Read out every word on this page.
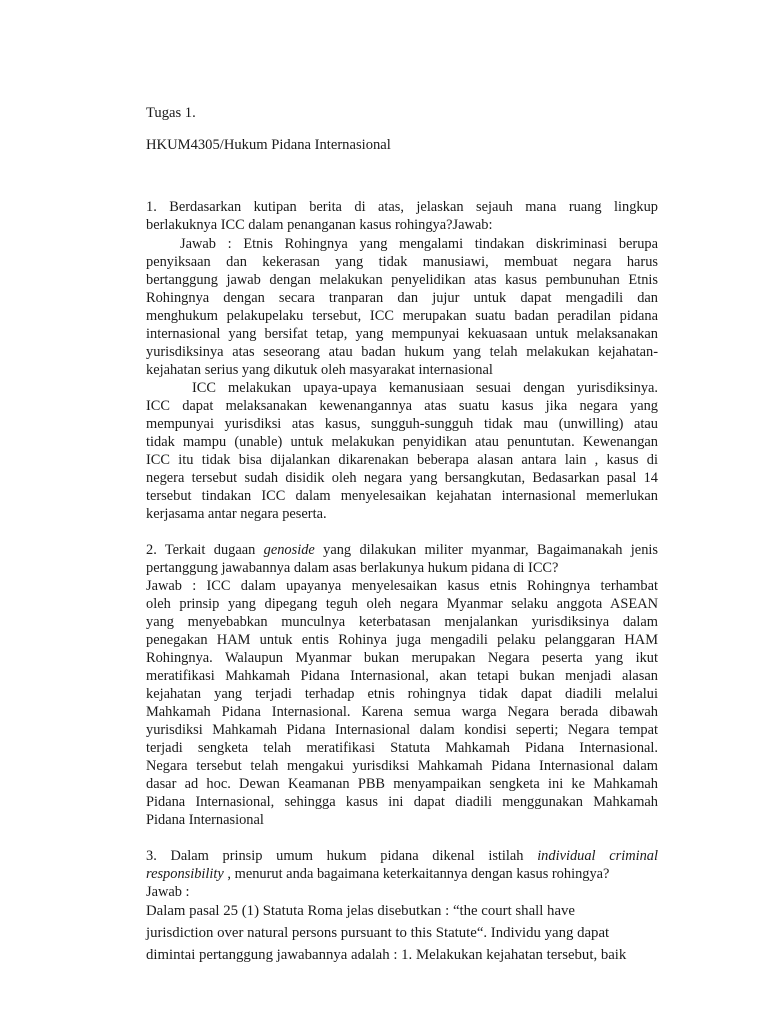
Tugas 1.
HKUM4305/Hukum Pidana Internasional
1. Berdasarkan kutipan berita di atas, jelaskan sejauh mana ruang lingkup
berlakuknya ICC dalam penanganan kasus rohingya?Jawab:
Jawab : Etnis Rohingnya yang mengalami tindakan diskriminasi berupa
penyiksaan dan kekerasan yang tidak manusiawi, membuat negara harus
bertanggung jawab dengan melakukan penyelidikan atas kasus pembunuhan Etnis
Rohingnya dengan secara tranparan dan jujur untuk dapat mengadili dan
menghukum pelakupelaku tersebut, ICC merupakan suatu badan peradilan pidana
internasional yang bersifat tetap, yang mempunyai kekuasaan untuk melaksanakan
yurisdiksinya atas seseorang atau badan hukum yang telah melakukan kejahatan-
kejahatan serius yang dikutuk oleh masyarakat internasional
ICC melakukan upaya-upaya kemanusiaan sesuai dengan yurisdiksinya.
ICC dapat melaksanakan kewenangannya atas suatu kasus jika negara yang
mempunyai yurisdiksi atas kasus, sungguh-sungguh tidak mau (unwilling) atau
tidak mampu (unable) untuk melakukan penyidikan atau penuntutan. Kewenangan
ICC itu tidak bisa dijalankan dikarenakan beberapa alasan antara lain , kasus di
negera tersebut sudah disidik oleh negara yang bersangkutan, Bedasarkan pasal 14
tersebut tindakan ICC dalam menyelesaikan kejahatan internasional memerlukan
kerjasama antar negara peserta.
2. Terkait dugaan genoside yang dilakukan militer myanmar, Bagaimanakah jenis
pertanggung jawabannya dalam asas berlakunya hukum pidana di ICC?
Jawab : ICC dalam upayanya menyelesaikan kasus etnis Rohingnya terhambat
oleh prinsip yang dipegang teguh oleh negara Myanmar selaku anggota ASEAN
yang menyebabkan munculnya keterbatasan menjalankan yurisdiksinya dalam
penegakan HAM untuk entis Rohinya juga mengadili pelaku pelanggaran HAM
Rohingnya. Walaupun Myanmar bukan merupakan Negara peserta yang ikut
meratifikasi Mahkamah Pidana Internasional, akan tetapi bukan menjadi alasan
kejahatan yang terjadi terhadap etnis rohingnya tidak dapat diadili melalui
Mahkamah Pidana Internasional. Karena semua warga Negara berada dibawah
yurisdiksi Mahkamah Pidana Internasional dalam kondisi seperti; Negara tempat
terjadi sengketa telah meratifikasi Statuta Mahkamah Pidana Internasional.
Negara tersebut telah mengakui yurisdiksi Mahkamah Pidana Internasional dalam
dasar ad hoc. Dewan Keamanan PBB menyampaikan sengketa ini ke Mahkamah
Pidana Internasional, sehingga kasus ini dapat diadili menggunakan Mahkamah
Pidana Internasional
3. Dalam prinsip umum hukum pidana dikenal istilah individual criminal
responsibility , menurut anda bagaimana keterkaitannya dengan kasus rohingya?
Jawab :
Dalam pasal 25 (1) Statuta Roma jelas disebutkan : “the court shall have
jurisdiction over natural persons pursuant to this Statute“. Individu yang dapat
dimintai pertanggung jawabannya adalah : 1. Melakukan kejahatan tersebut, baik
